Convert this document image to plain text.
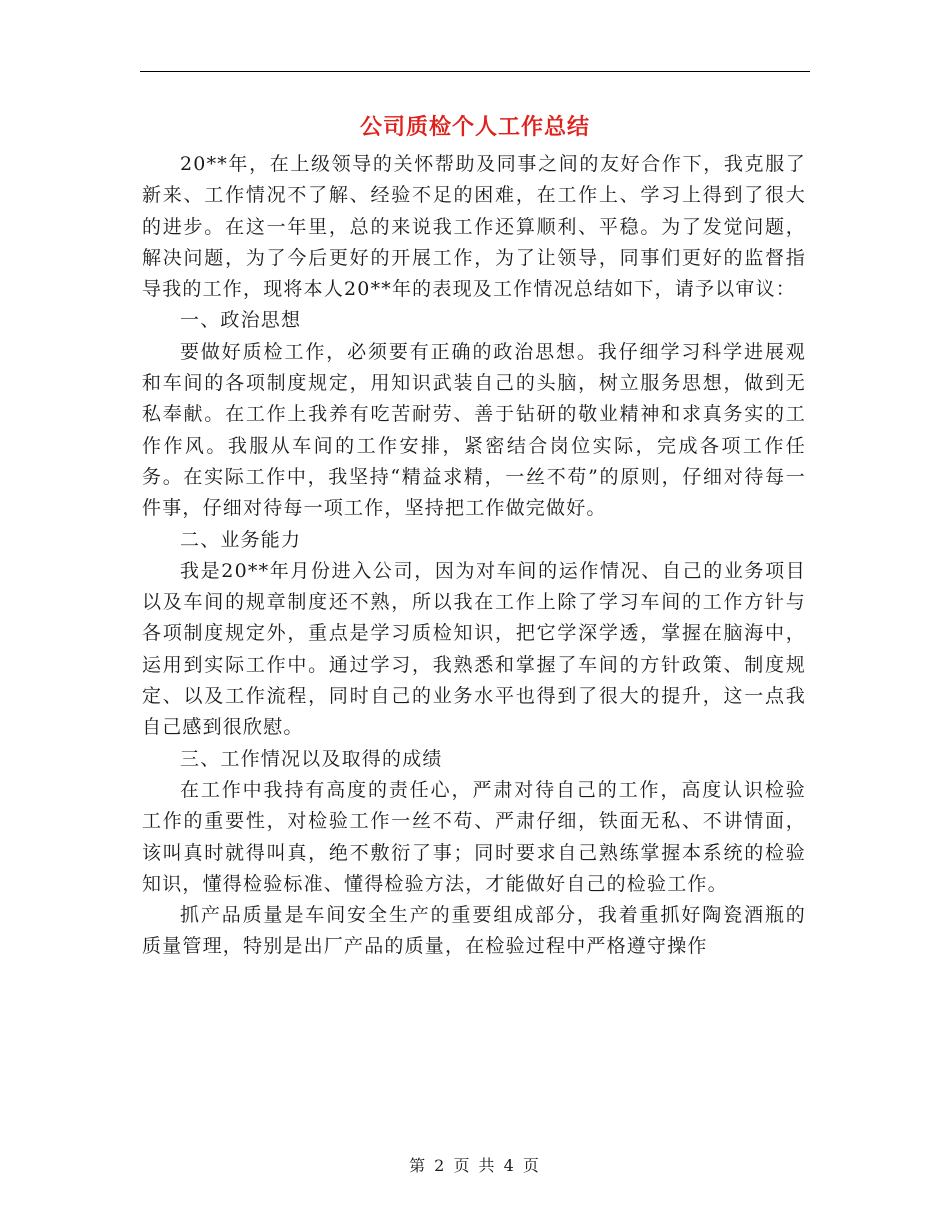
公司质检个人工作总结

20**年，在上级领导的关怀帮助及同事之间的友好合作下，我克服了新来、工作情况不了解、经验不足的困难，在工作上、学习上得到了很大的进步。在这一年里，总的来说我工作还算顺利、平稳。为了发觉问题，解决问题，为了今后更好的开展工作，为了让领导，同事们更好的监督指导我的工作，现将本人20**年的表现及工作情况总结如下，请予以审议：

一、政治思想

要做好质检工作，必须要有正确的政治思想。我仔细学习科学进展观和车间的各项制度规定，用知识武装自己的头脑，树立服务思想，做到无私奉献。在工作上我养有吃苦耐劳、善于钻研的敬业精神和求真务实的工作作风。我服从车间的工作安排，紧密结合岗位实际，完成各项工作任务。在实际工作中，我坚持“精益求精，一丝不苟”的原则，仔细对待每一件事，仔细对待每一项工作，坚持把工作做完做好。

二、业务能力

我是20**年月份进入公司，因为对车间的运作情况、自己的业务项目以及车间的规章制度还不熟，所以我在工作上除了学习车间的工作方针与各项制度规定外，重点是学习质检知识，把它学深学透，掌握在脑海中，运用到实际工作中。通过学习，我熟悉和掌握了车间的方针政策、制度规定、以及工作流程，同时自己的业务水平也得到了很大的提升，这一点我自己感到很欣慰。

三、工作情况以及取得的成绩

在工作中我持有高度的责任心，严肃对待自己的工作，高度认识检验工作的重要性，对检验工作一丝不苟、严肃仔细，铁面无私、不讲情面，该叫真时就得叫真，绝不敷衍了事；同时要求自己熟练掌握本系统的检验知识，懂得检验标准、懂得检验方法，才能做好自己的检验工作。

抓产品质量是车间安全生产的重要组成部分，我着重抓好陶瓷酒瓶的质量管理，特别是出厂产品的质量，在检验过程中严格遵守操作

第 2 页 共 4 页
